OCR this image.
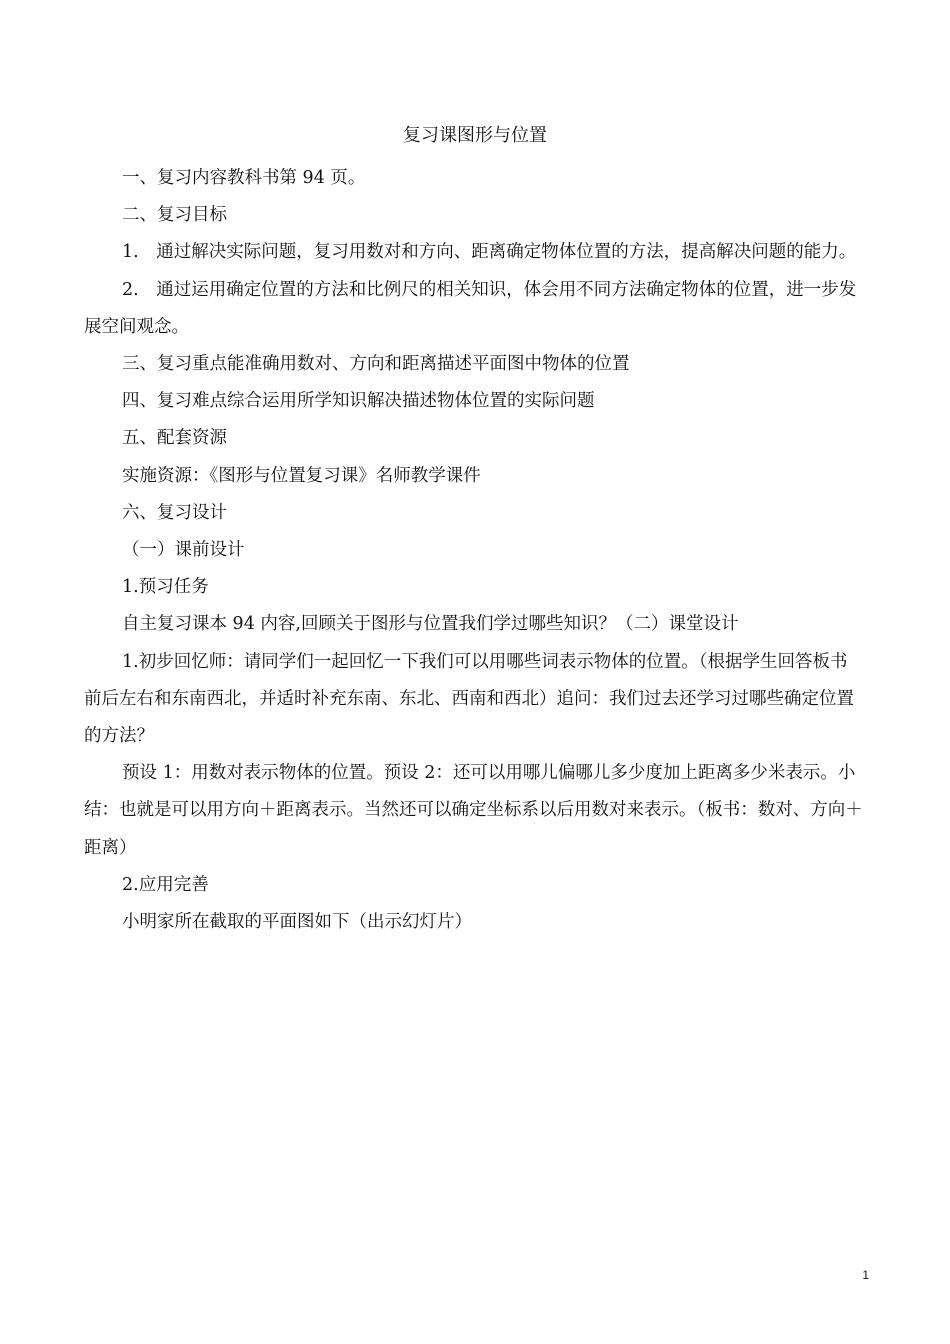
复习课图形与位置

一、复习内容教科书第 94 页。

二、复习目标

1.　通过解决实际问题，复习用数对和方向、距离确定物体位置的方法，提高解决问题的能力。

2.　通过运用确定位置的方法和比例尺的相关知识，体会用不同方法确定物体的位置，进一步发展空间观念。

三、复习重点能准确用数对、方向和距离描述平面图中物体的位置

四、复习难点综合运用所学知识解决描述物体位置的实际问题

五、配套资源

实施资源：《图形与位置复习课》名师教学课件

六、复习设计

（一）课前设计

1.预习任务

自主复习课本 94 内容,回顾关于图形与位置我们学过哪些知识？（二）课堂设计

1.初步回忆师：请同学们一起回忆一下我们可以用哪些词表示物体的位置。（根据学生回答板书前后左右和东南西北，并适时补充东南、东北、西南和西北）追问：我们过去还学习过哪些确定位置的方法？

预设 1：用数对表示物体的位置。预设 2：还可以用哪儿偏哪儿多少度加上距离多少米表示。小结：也就是可以用方向＋距离表示。当然还可以确定坐标系以后用数对来表示。（板书：数对、方向＋距离）

2.应用完善

小明家所在截取的平面图如下（出示幻灯片）

1
